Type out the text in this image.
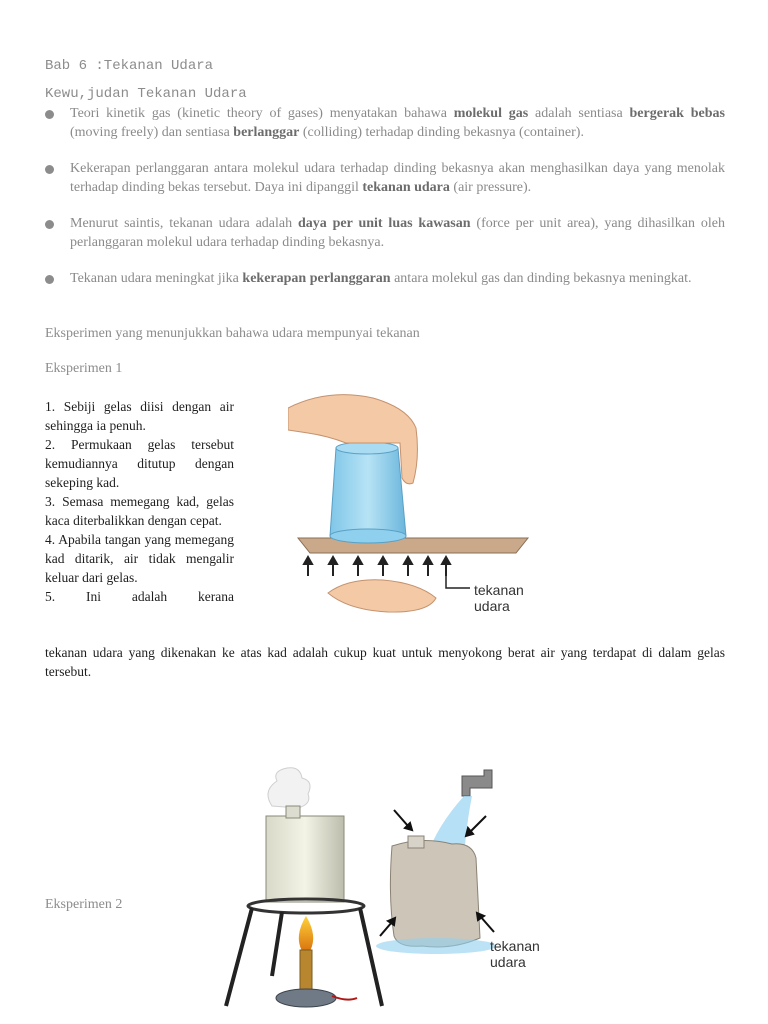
Bab 6 :Tekanan Udara
Kewu,judan Tekanan Udara
Teori kinetik gas (kinetic theory of gases) menyatakan bahawa molekul gas adalah sentiasa bergerak bebas (moving freely) dan sentiasa berlanggar (colliding) terhadap dinding bekasnya (container).
Kekerapan perlanggaran antara molekul udara terhadap dinding bekasnya akan menghasilkan daya yang menolak terhadap dinding bekas tersebut. Daya ini dipanggil tekanan udara (air pressure).
Menurut saintis, tekanan udara adalah daya per unit luas kawasan (force per unit area), yang dihasilkan oleh perlanggaran molekul udara terhadap dinding bekasnya.
Tekanan udara meningkat jika kekerapan perlanggaran antara molekul gas dan dinding bekasnya meningkat.
Eksperimen yang menunjukkan bahawa udara mempunyai tekanan
Eksperimen 1

1. Sebiji gelas diisi dengan air sehingga ia penuh.

2. Permukaan gelas tersebut kemudiannya ditutup dengan sekeping kad.

3. Semasa memegang kad, gelas kaca diterbalikkan dengan cepat.

4. Apabila tangan yang memegang kad ditarik, air tidak mengalir keluar dari gelas.

5. Ini adalah kerana

tekanan udara yang dikenakan ke atas kad adalah cukup kuat untuk menyokong berat air yang terdapat di dalam gelas tersebut.
tekanan
udara
Eksperimen 2
tekanan
udara
